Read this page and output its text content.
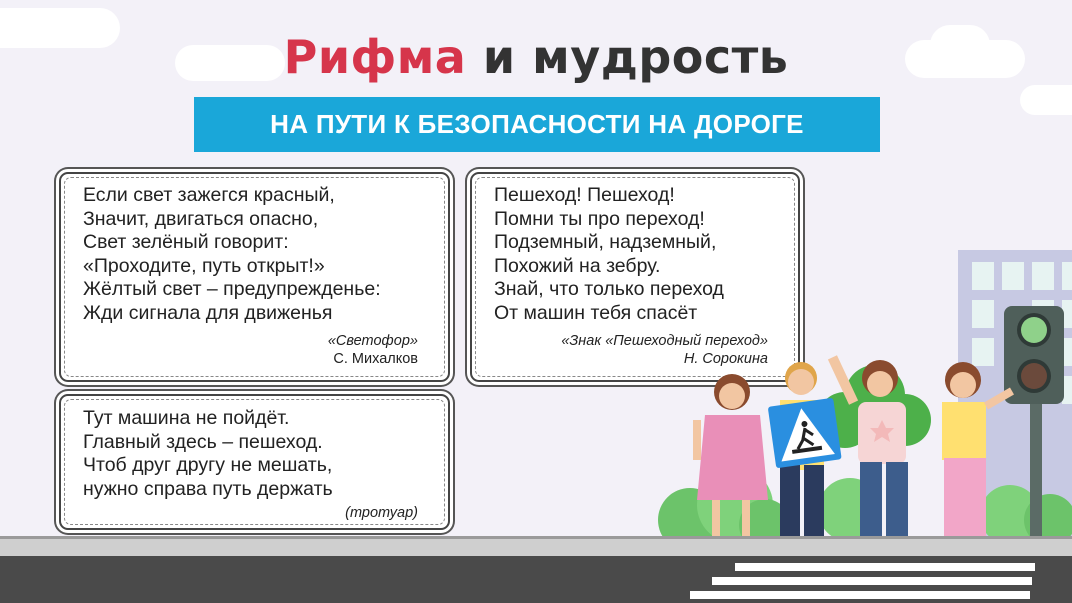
Рифма и мудрость
НА ПУТИ К БЕЗОПАСНОСТИ НА ДОРОГЕ
Если свет зажегся красный,
Значит, двигаться опасно,
Свет зелёный говорит:
«Проходите, путь открыт!»
Жёлтый свет – предупрежденье:
Жди сигнала для движенья
«Светофор»
С. Михалков
Пешеход! Пешеход!
Помни ты про переход!
Подземный, надземный,
Похожий на зебру.
Знай, что только переход
От машин тебя спасёт
«Знак «Пешеходный переход»
Н. Сорокина
Тут машина не пойдёт.
Главный здесь – пешеход.
Чтоб друг другу не мешать,
нужно справа путь держать
(тротуар)
